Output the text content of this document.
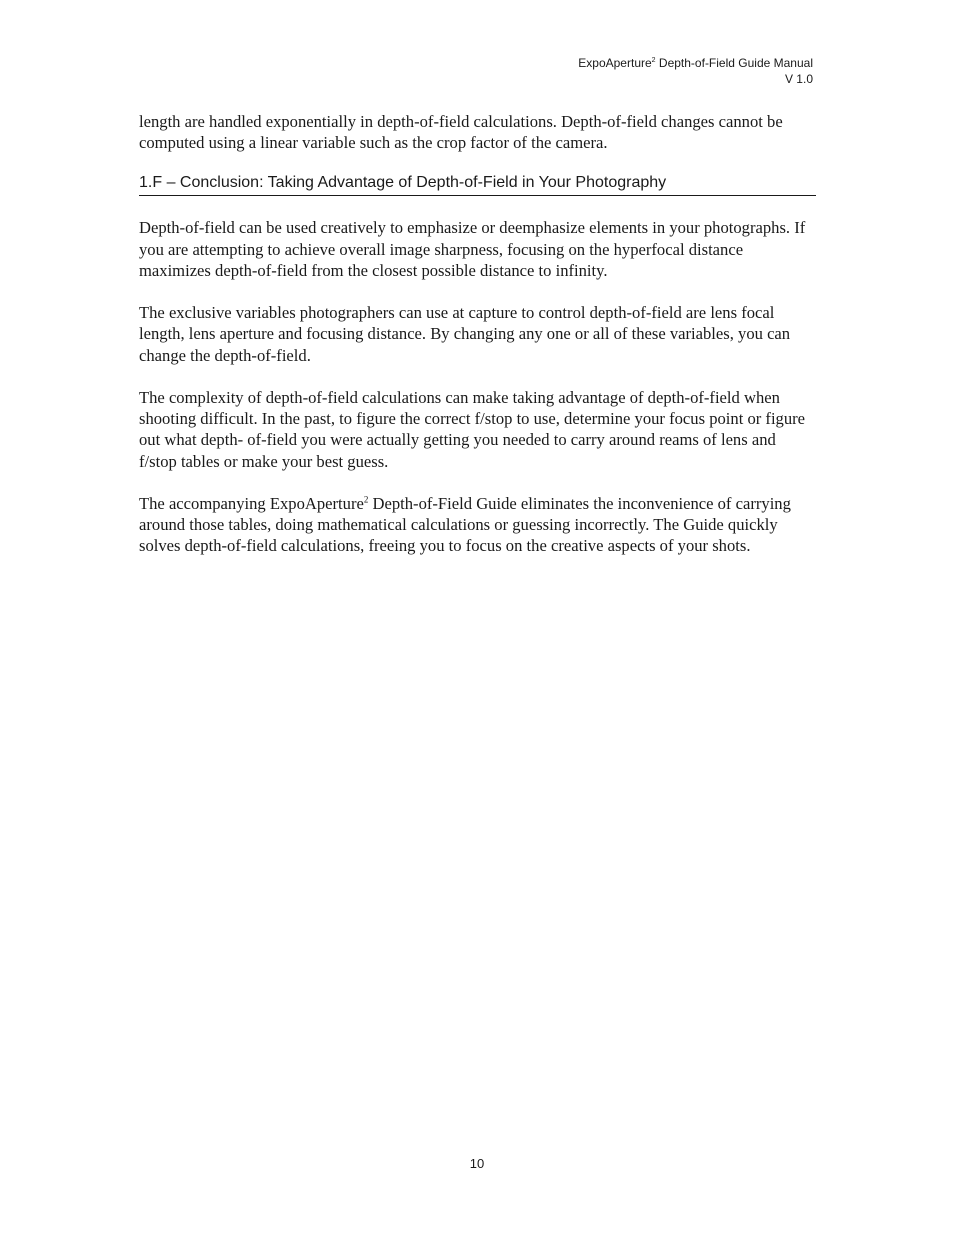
ExpoAperture$^2$ Depth-of-Field Guide Manual
V 1.0

length are handled exponentially in depth-of-field calculations. Depth-of-field changes cannot be computed using a linear variable such as the crop factor of the camera.

1.F – Conclusion: Taking Advantage of Depth-of-Field in Your Photography

Depth-of-field can be used creatively to emphasize or deemphasize elements in your photographs. If you are attempting to achieve overall image sharpness, focusing on the hyperfocal distance maximizes depth-of-field from the closest possible distance to infinity.

The exclusive variables photographers can use at capture to control depth-of-field are lens focal length, lens aperture and focusing distance. By changing any one or all of these variables, you can change the depth-of-field.

The complexity of depth-of-field calculations can make taking advantage of depth-of-field when shooting difficult. In the past, to figure the correct f/stop to use, determine your focus point or figure out what depth- of-field you were actually getting you needed to carry around reams of lens and f/stop tables or make your best guess.

The accompanying ExpoAperture$^2$ Depth-of-Field Guide eliminates the inconvenience of carrying around those tables, doing mathematical calculations or guessing incorrectly. The Guide quickly solves depth-of-field calculations, freeing you to focus on the creative aspects of your shots.

10
